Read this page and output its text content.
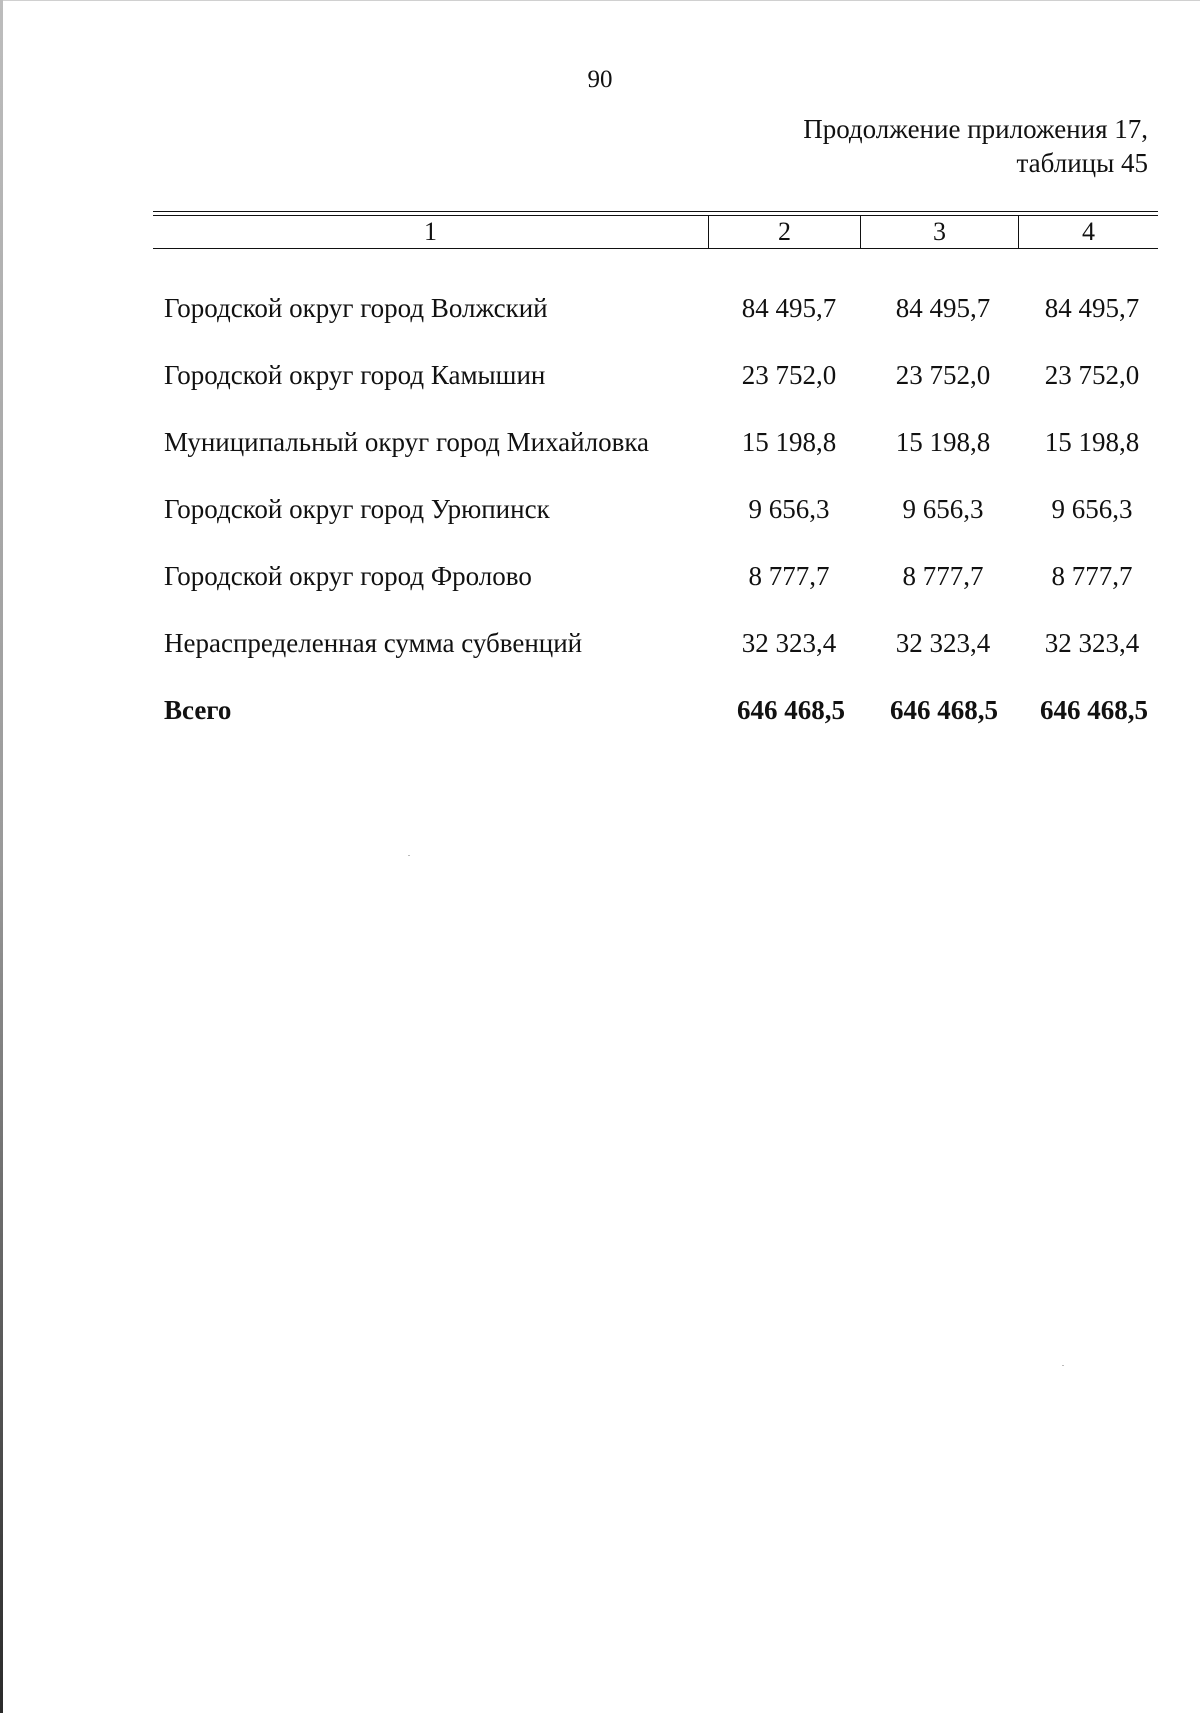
90
Продолжение приложения 17,
таблицы 45
1	2	3	4
Городской округ город Волжский	84 495,7	84 495,7	84 495,7
Городской округ город Камышин	23 752,0	23 752,0	23 752,0
Муниципальный округ город Михайловка	15 198,8	15 198,8	15 198,8
Городской округ город Урюпинск	9 656,3	9 656,3	9 656,3
Городской округ город Фролово	8 777,7	8 777,7	8 777,7
Нераспределенная сумма субвенций	32 323,4	32 323,4	32 323,4
Всего	646 468,5	646 468,5	646 468,5
